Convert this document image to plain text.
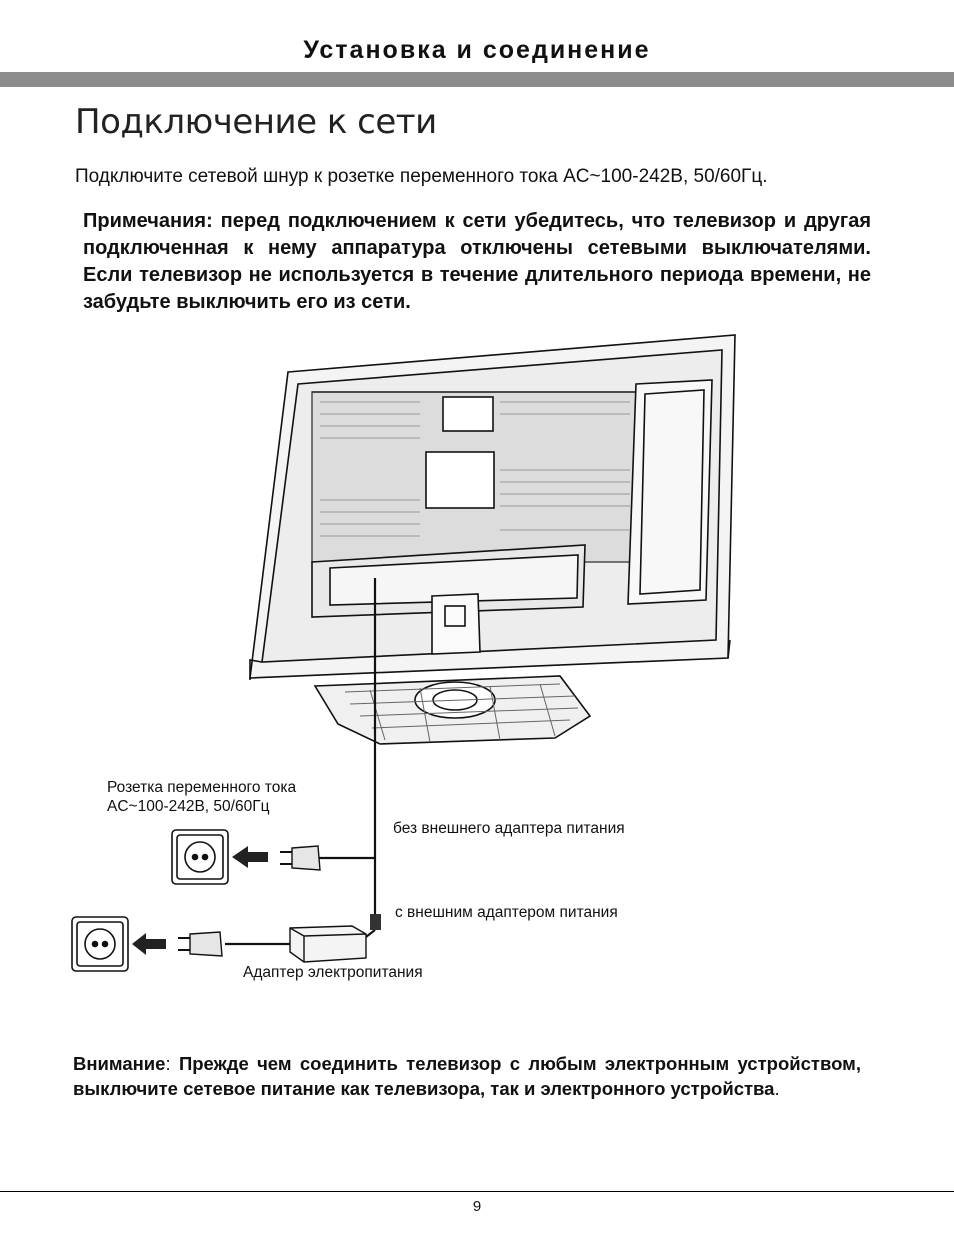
Установка и соединение
Подключение к сети
Подключите сетевой шнур к розетке переменного тока AC~100-242В, 50/60Гц.
Примечания: перед подключением к сети убедитесь, что телевизор и другая подключенная к нему аппаратура отключены сетевыми выключателями. Если телевизор не используется в течение длительного периода времени, не забудьте выключить его из сети.
Розетка переменного тока
AC~100-242В, 50/60Гц
без внешнего адаптера питания
с внешним адаптером питания
Адаптер электропитания
Внимание: Прежде чем соединить телевизор с любым электронным устройством, выключите сетевое питание как телевизора, так и электронного устройства.
9
